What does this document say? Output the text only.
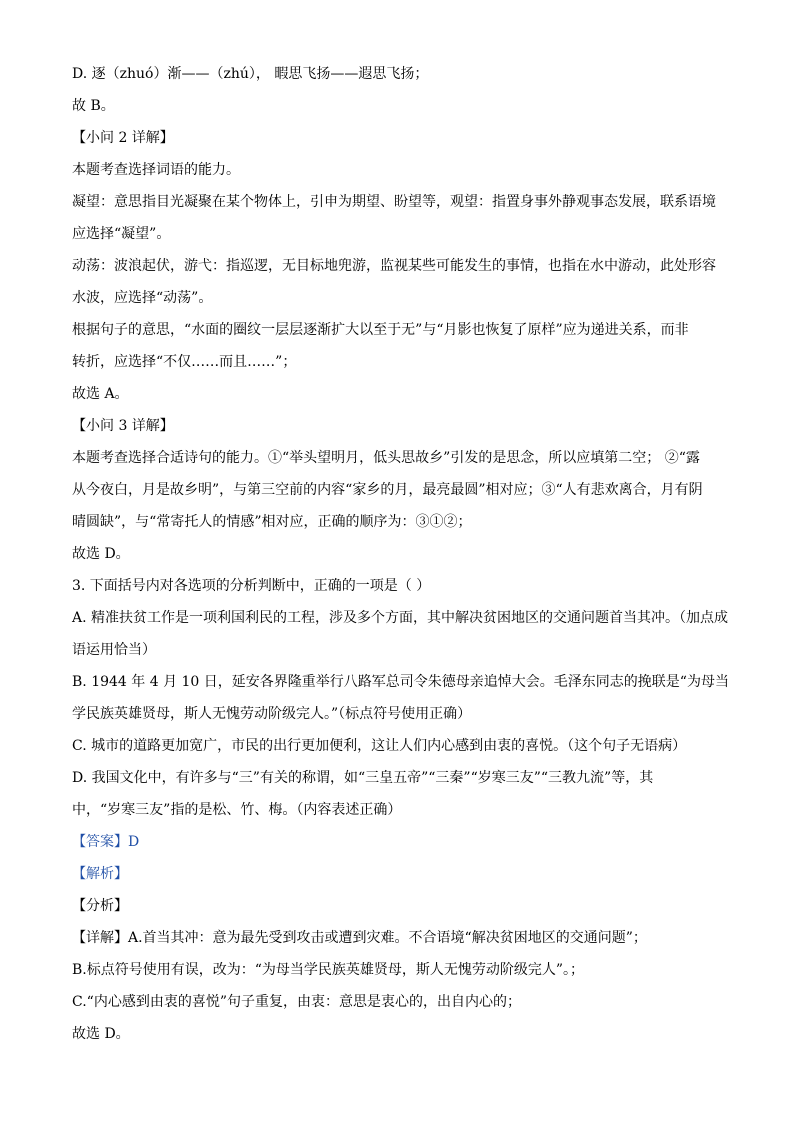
D. 逐（zhuó）渐——（zhú）， 暇思飞扬——遐思飞扬；
故 B。
【小问 2 详解】
本题考查选择词语的能力。
凝望：意思指目光凝聚在某个物体上，引申为期望、盼望等，观望：指置身事外静观事态发展，联系语境
应选择“凝望”。
动荡：波浪起伏，游弋：指巡逻，无目标地兜游，监视某些可能发生的事情，也指在水中游动，此处形容
水波，应选择“动荡”。
根据句子的意思，“水面的圈纹一层层逐渐扩大以至于无”与“月影也恢复了原样”应为递进关系，而非
转折，应选择“不仅……而且……”；
故选 A。
【小问 3 详解】
本题考查选择合适诗句的能力。①“举头望明月，低头思故乡”引发的是思念，所以应填第二空； ②“露
从今夜白，月是故乡明”，与第三空前的内容“家乡的月，最亮最圆”相对应；③“人有悲欢离合，月有阴
晴圆缺”，与“常寄托人的情感”相对应，正确的顺序为：③①②；
故选 D。
3. 下面括号内对各选项的分析判断中，正确的一项是（ ）
A. 精准扶贫工作是一项利国利民的工程，涉及多个方面，其中解决贫困地区的交通问题首当其冲。（加点成
语运用恰当）
B. 1944 年 4 月 10 日，延安各界隆重举行八路军总司令朱德母亲追悼大会。毛泽东同志的挽联是“为母当
学民族英雄贤母，斯人无愧劳动阶级完人。”（标点符号使用正确）
C. 城市的道路更加宽广，市民的出行更加便利，这让人们内心感到由衷的喜悦。（这个句子无语病）
D. 我国文化中，有许多与“三”有关的称谓，如“三皇五帝”“三秦”“岁寒三友”“三教九流”等，其
中，“岁寒三友”指的是松、竹、梅。（内容表述正确）
【答案】D
【解析】
【分析】
【详解】A.首当其冲：意为最先受到攻击或遭到灾难。不合语境“解决贫困地区的交通问题”；
B.标点符号使用有误，改为：“为母当学民族英雄贤母，斯人无愧劳动阶级完人”。；
C.“内心感到由衷的喜悦”句子重复，由衷：意思是衷心的，出自内心的；
故选 D。
